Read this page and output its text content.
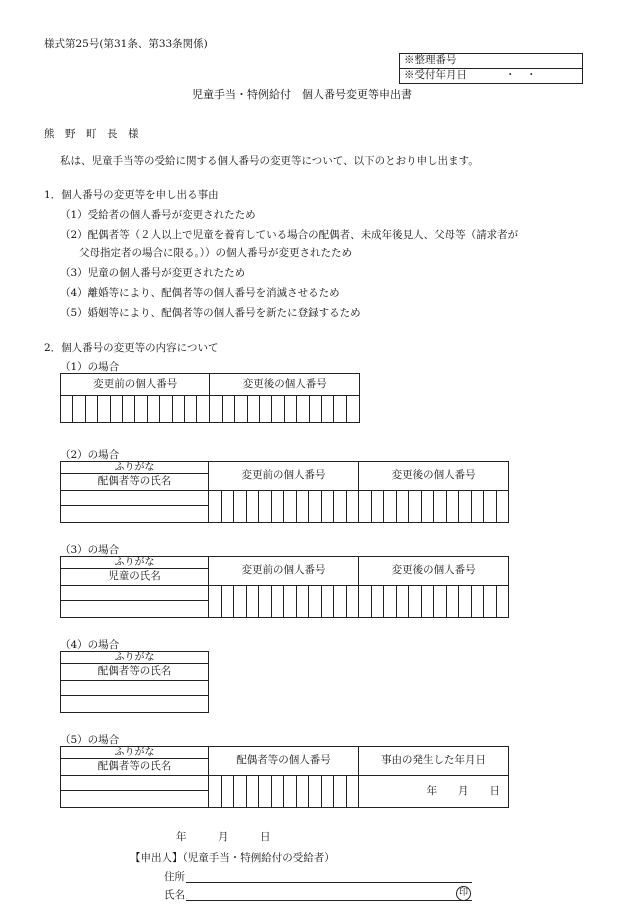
様式第25号(第31条、第33条関係)
※整理番号
※受付年月日	・　・
児童手当・特例給付　個人番号変更等申出書
熊　野　町　長　様
私は、児童手当等の受給に関する個人番号の変更等について、以下のとおり申し出ます。
1．個人番号の変更等を申し出る事由
（1）受給者の個人番号が変更されたため
（2）配偶者等（２人以上で児童を養育している場合の配偶者、未成年後見人、父母等（請求者が
父母指定者の場合に限る。））の個人番号が変更されたため
（3）児童の個人番号が変更されたため
（4）離婚等により、配偶者等の個人番号を消滅させるため
（5）婚姻等により、配偶者等の個人番号を新たに登録するため
2．個人番号の変更等の内容について
（1）の場合
変更前の個人番号												変更後の個人番号											

（2）の場合
ふりがな	変更前の個人番号												変更後の個人番号											
配偶者等の氏名																								

（3）の場合
ふりがな	変更前の個人番号												変更後の個人番号											
児童の氏名																								

（4）の場合
ふりがな
配偶者等の氏名

（5）の場合
ふりがな	配偶者等の個人番号												事由の発生した年月日
配偶者等の氏名													
													年　　月　　日

年　　　月　　　日
【申出人】（児童手当・特例給付の受給者）
住所
氏名	印
